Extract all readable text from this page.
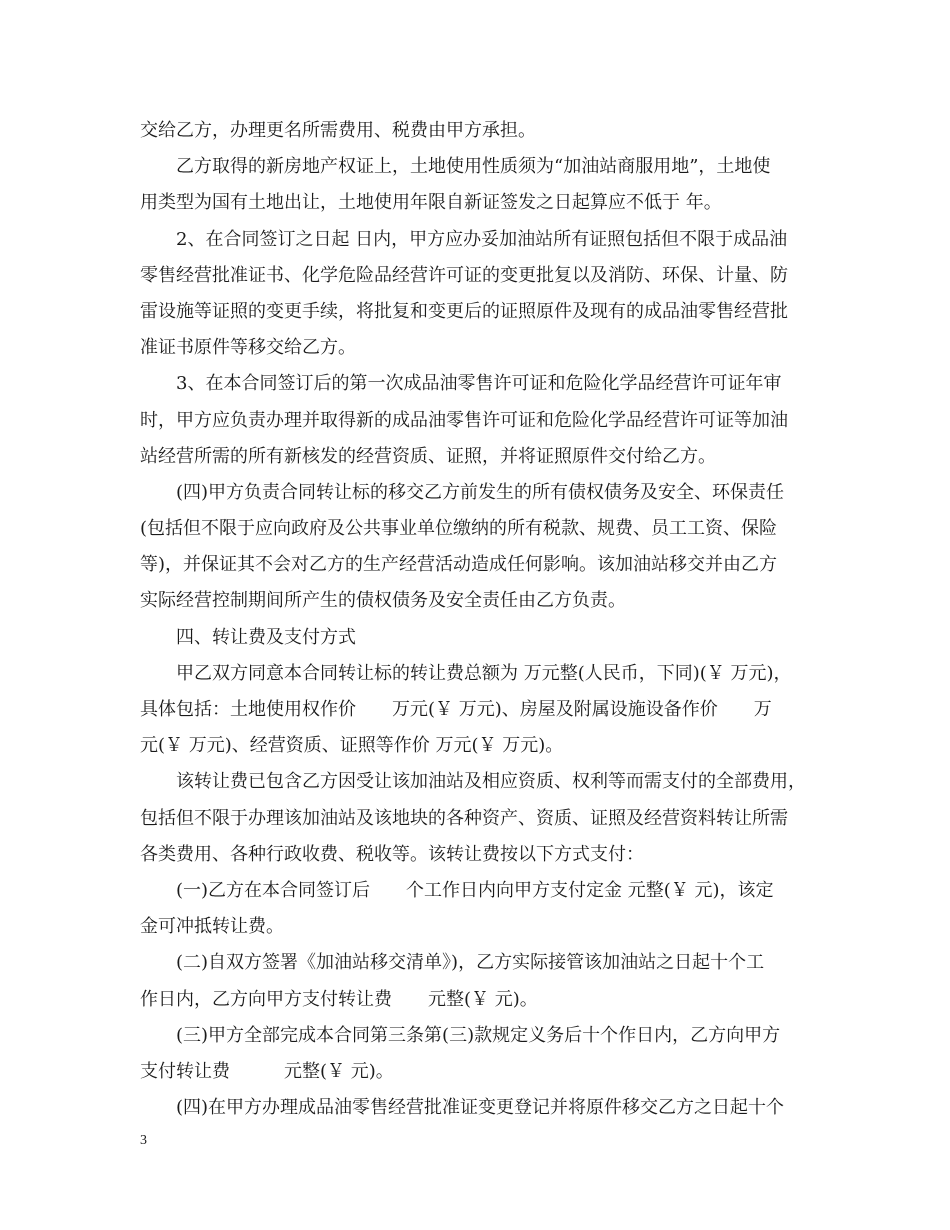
交给乙方，办理更名所需费用、税费由甲方承担。
乙方取得的新房地产权证上，土地使用性质须为“加油站商服用地”，土地使
用类型为国有土地出让，土地使用年限自新证签发之日起算应不低于 年。
2、在合同签订之日起 日内，甲方应办妥加油站所有证照包括但不限于成品油
零售经营批准证书、化学危险品经营许可证的变更批复以及消防、环保、计量、防
雷设施等证照的变更手续，将批复和变更后的证照原件及现有的成品油零售经营批
准证书原件等移交给乙方。
3、在本合同签订后的第一次成品油零售许可证和危险化学品经营许可证年审
时，甲方应负责办理并取得新的成品油零售许可证和危险化学品经营许可证等加油
站经营所需的所有新核发的经营资质、证照，并将证照原件交付给乙方。
(四)甲方负责合同转让标的移交乙方前发生的所有债权债务及安全、环保责任
(包括但不限于应向政府及公共事业单位缴纳的所有税款、规费、员工工资、保险
等)，并保证其不会对乙方的生产经营活动造成任何影响。该加油站移交并由乙方
实际经营控制期间所产生的债权债务及安全责任由乙方负责。
四、转让费及支付方式
甲乙双方同意本合同转让标的转让费总额为 万元整(人民币，下同)(￥ 万元)，
具体包括：土地使用权作价　　万元(￥ 万元)、房屋及附属设施设备作价　　万
元(￥ 万元)、经营资质、证照等作价 万元(￥ 万元)。
该转让费已包含乙方因受让该加油站及相应资质、权利等而需支付的全部费用，
包括但不限于办理该加油站及该地块的各种资产、资质、证照及经营资料转让所需
各类费用、各种行政收费、税收等。该转让费按以下方式支付：
(一)乙方在本合同签订后　　个工作日内向甲方支付定金 元整(￥ 元)，该定
金可冲抵转让费。
(二)自双方签署《加油站移交清单》)，乙方实际接管该加油站之日起十个工
作日内，乙方向甲方支付转让费　　元整(￥ 元)。
(三)甲方全部完成本合同第三条第(三)款规定义务后十个作日内，乙方向甲方
支付转让费　　　元整(￥ 元)。
(四)在甲方办理成品油零售经营批准证变更登记并将原件移交乙方之日起十个

3
